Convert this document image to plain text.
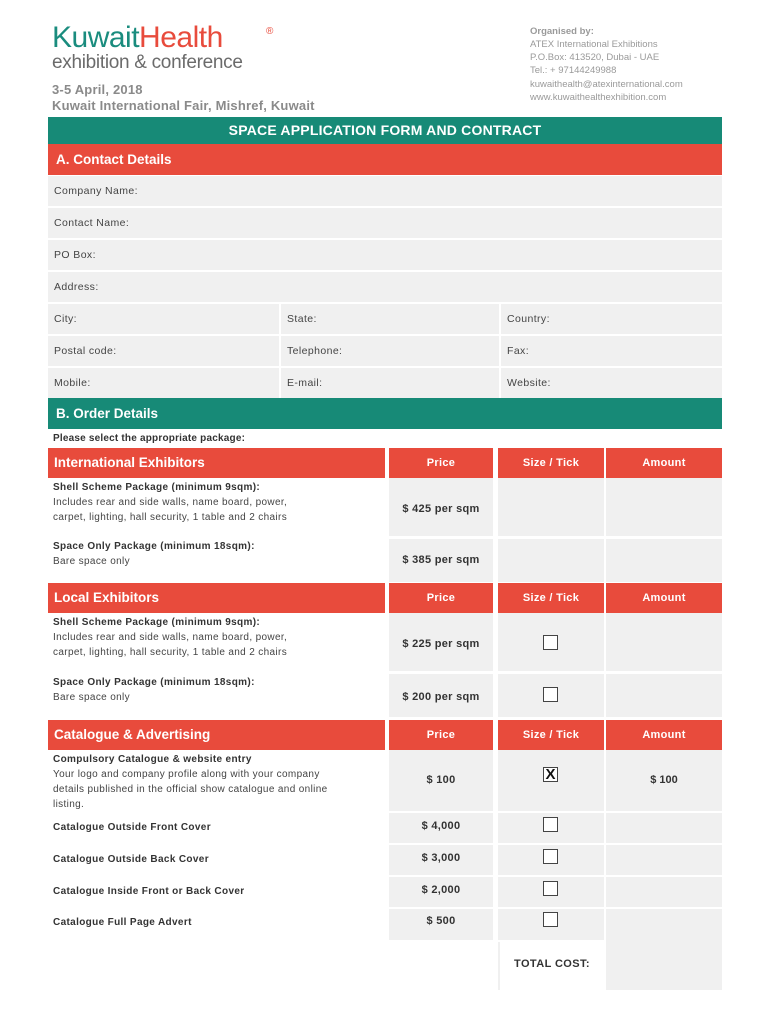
KuwaitHealth	®
exhibition & conference
3-5 April, 2018
Kuwait International Fair, Mishref, Kuwait
Organised by:
ATEX International Exhibitions
P.O.Box: 413520, Dubai - UAE
Tel.: + 97144249988
kuwaithealth@atexinternational.com
www.kuwaithealthexhibition.com
SPACE APPLICATION FORM AND CONTRACT
A. Contact Details
Company Name:
Contact Name:
PO Box:
Address:
City:	State:	Country:
Postal code:	Telephone:	Fax:
Mobile:	E-mail:	Website:
B. Order Details
Please select the appropriate package:
International Exhibitors	Price	Size / Tick	Amount
Shell Scheme Package (minimum 9sqm):
Includes rear and side walls, name board, power,
carpet, lighting, hall security, 1 table and 2 chairs
$ 425 per sqm
Space Only Package (minimum 18sqm):
Bare space only	$ 385 per sqm
Local Exhibitors	Price	Size / Tick	Amount
Shell Scheme Package (minimum 9sqm):
Includes rear and side walls, name board, power,
carpet, lighting, hall security, 1 table and 2 chairs
$ 225 per sqm
Space Only Package (minimum 18sqm):
Bare space only	$ 200 per sqm
Catalogue & Advertising	Price	Size / Tick	Amount
Compulsory Catalogue & website entry
Your logo and company profile along with your company
details published in the official show catalogue and online
listing.
$ 100	X	$ 100
Catalogue Outside Front Cover	$ 4,000
Catalogue Outside Back Cover	$ 3,000
Catalogue Inside Front or Back Cover	$ 2,000
Catalogue Full Page Advert	$ 500
TOTAL COST:
